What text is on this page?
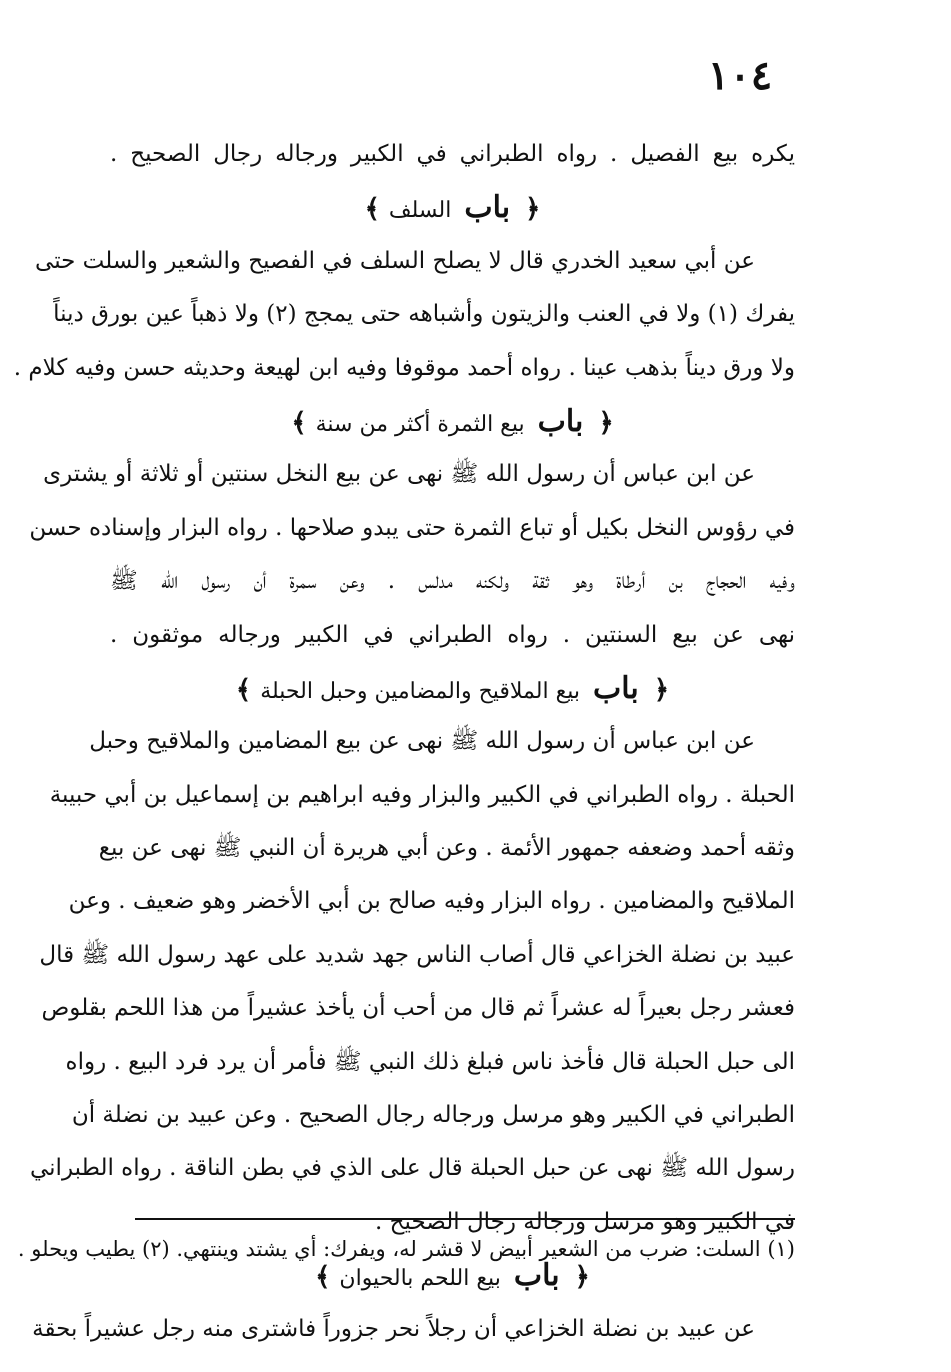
١٠٤
يكره بيع الفصيل . رواه الطبراني في الكبير ورجاله رجال الصحيح .
﴿ باب السلف ﴾
عن أبي سعيد الخدري قال لا يصلح السلف في الفصيح والشعير والسلت حتى
يفرك (١) ولا في العنب والزيتون وأشباهه حتى يمجج (٢) ولا ذهباً عين بورق ديناً
ولا ورق ديناً بذهب عينا . رواه أحمد موقوفا وفيه ابن لهيعة وحديثه حسن وفيه كلام .
﴿ باب بيع الثمرة أكثر من سنة ﴾
عن ابن عباس أن رسول الله ﷺ نهى عن بيع النخل سنتين أو ثلاثة أو يشترى
في رؤوس النخل بكيل أو تباع الثمرة حتى يبدو صلاحها . رواه البزار وإسناده حسن
وفيه الحجاج بن أرطاة وهو ثقة ولكنه مدلس . وعن سمرة أن رسول الله ﷺ
نهى عن بيع السنتين . رواه الطبراني في الكبير ورجاله موثقون .
﴿ باب بيع الملاقيح والمضامين وحبل الحبلة ﴾
عن ابن عباس أن رسول الله ﷺ نهى عن بيع المضامين والملاقيح وحبل
الحبلة . رواه الطبراني في الكبير والبزار وفيه ابراهيم بن إسماعيل بن أبي حبيبة
وثقه أحمد وضعفه جمهور الأئمة . وعن أبي هريرة أن النبي ﷺ نهى عن بيع
الملاقيح والمضامين . رواه البزار وفيه صالح بن أبي الأخضر وهو ضعيف . وعن
عبيد بن نضلة الخزاعي قال أصاب الناس جهد شديد على عهد رسول الله ﷺ قال
فعشر رجل بعيراً له عشراً ثم قال من أحب أن يأخذ عشيراً من هذا اللحم بقلوص
الى حبل الحبلة قال فأخذ ناس فبلغ ذلك النبي ﷺ فأمر أن يرد فرد البيع . رواه
الطبراني في الكبير وهو مرسل ورجاله رجال الصحيح . وعن عبيد بن نضلة أن
رسول الله ﷺ نهى عن حبل الحبلة قال على الذي في بطن الناقة . رواه الطبراني
في الكبير وهو مرسل ورجاله رجال الصحيح .
﴿ باب بيع اللحم بالحيوان ﴾
عن عبيد بن نضلة الخزاعي أن رجلاً نحر جزوراً فاشترى منه رجل عشيراً بحقة
(١) السلت: ضرب من الشعير أبيض لا قشر له، ويفرك: أي يشتد وينتهي. (٢) يطيب ويحلو .
